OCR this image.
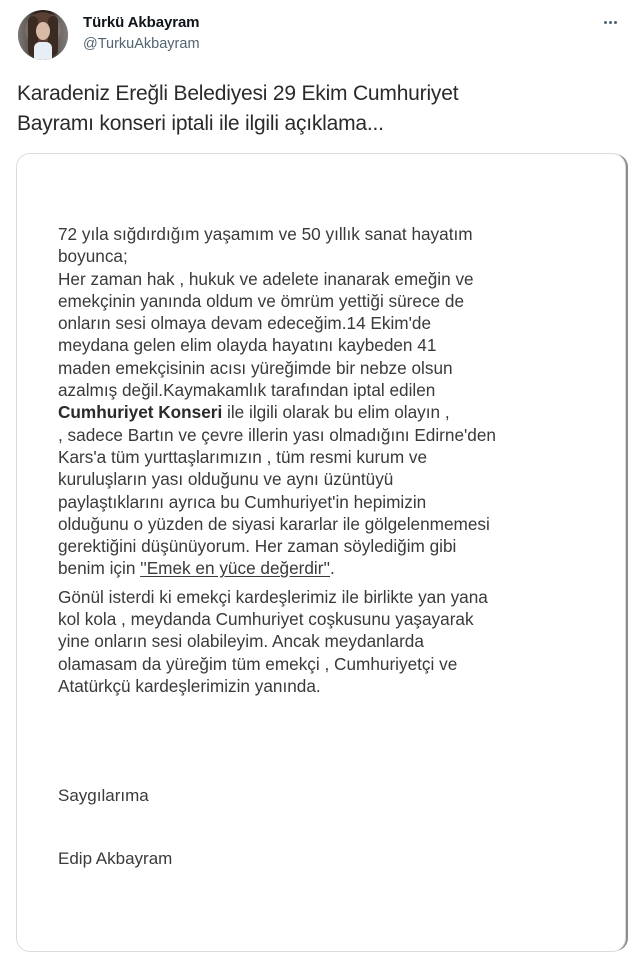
Türkü Akbayram
@TurkuAkbayram
Karadeniz Ereğli Belediyesi 29 Ekim Cumhuriyet
Bayramı konseri iptali ile ilgili açıklama...

72 yıla sığdırdığım yaşamım ve 50 yıllık sanat hayatım
boyunca;
Her zaman hak , hukuk ve adelete inanarak emeğin ve
emekçinin yanında oldum ve ömrüm yettiği sürece de
onların sesi olmaya devam edeceğim.14 Ekim'de
meydana gelen elim olayda hayatını kaybeden 41
maden emekçisinin acısı yüreğimde bir nebze olsun
azalmış değil.Kaymakamlık tarafından iptal edilen
Cumhuriyet Konseri ile ilgili olarak bu elim olayın ,
, sadece Bartın ve çevre illerin yası olmadığını Edirne'den
Kars'a tüm yurttaşlarımızın , tüm resmi kurum ve
kuruluşların yası olduğunu ve aynı üzüntüyü
paylaştıklarını ayrıca bu Cumhuriyet'in hepimizin
olduğunu o yüzden de siyasi kararlar ile gölgelenmemesi
gerektiğini düşünüyorum. Her zaman söylediğim gibi
benim için ''Emek en yüce değerdir''.

Gönül isterdi ki emekçi kardeşlerimiz ile birlikte yan yana
kol kola , meydanda Cumhuriyet coşkusunu yaşayarak
yine onların sesi olabileyim. Ancak meydanlarda
olamasam da yüreğim tüm emekçi , Cumhuriyetçi ve
Atatürkçü kardeşlerimizin yanında.

Saygılarıma
Edip Akbayram
